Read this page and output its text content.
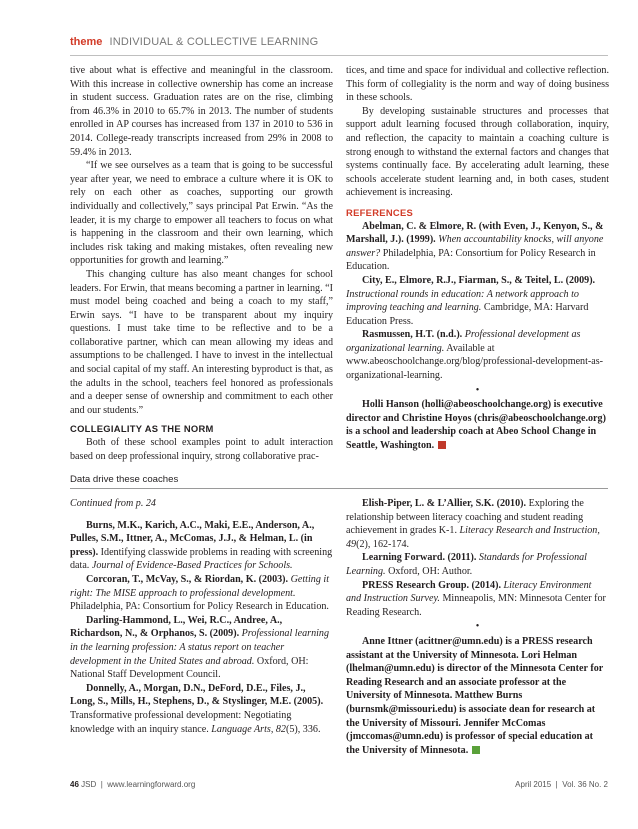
theme INDIVIDUAL & COLLECTIVE LEARNING

tive about what is effective and meaningful in the classroom. With this increase in collective ownership has come an increase in student success. Graduation rates are on the rise, climbing from 46.3% in 2010 to 65.7% in 2013. The number of students enrolled in AP courses has increased from 137 in 2010 to 536 in 2014. College-ready transcripts increased from 29% in 2008 to 59.4% in 2013.

“If we see ourselves as a team that is going to be successful year after year, we need to embrace a culture where it is OK to rely on each other as coaches, supporting our growth individually and collectively,” says principal Pat Erwin. “As the leader, it is my charge to empower all teachers to focus on what is happening in the classroom and their own learning, which includes risk taking and making mistakes, often revealing new opportunities for growth and learning.”

This changing culture has also meant changes for school leaders. For Erwin, that means becoming a partner in learning. “I must model being coached and being a coach to my staff,” Erwin says. “I have to be transparent about my inquiry questions. I must take time to be reflective and to be a collaborative partner, which can mean allowing my ideas and assumptions to be challenged. I have to invest in the intellectual and social capital of my staff. An interesting byproduct is that, as the adults in the school, teachers feel honored as professionals and a deeper sense of ownership and commitment to each other and our students.”

COLLEGIALITY AS THE NORM

Both of these school examples point to adult interaction based on deep professional inquiry, strong collaborative prac-

tices, and time and space for individual and collective reflection. This form of collegiality is the norm and way of doing business in these schools.

By developing sustainable structures and processes that support adult learning focused through collaboration, inquiry, and reflection, the capacity to maintain a coaching culture is strong enough to withstand the external factors and changes that systems continually face. By accelerating adult learning, these schools accelerate student learning and, in both cases, student achievement is increasing.

REFERENCES

Abelman, C. & Elmore, R. (with Even, J., Kenyon, S., & Marshall, J.). (1999). When accountability knocks, will anyone answer? Philadelphia, PA: Consortium for Policy Research in Education.

City, E., Elmore, R.J., Fiarman, S., & Teitel, L. (2009). Instructional rounds in education: A network approach to improving teaching and learning. Cambridge, MA: Harvard Education Press.

Rasmussen, H.T. (n.d.). Professional development as organizational learning. Available at www.abeoschoolchange.org/blog/professional-development-as-organizational-learning.

•

Holli Hanson (holli@abeoschoolchange.org) is executive director and Christine Hoyos (chris@abeoschoolchange.org) is a school and leadership coach at Abeo School Change in Seattle, Washington.

Data drive these coaches

Continued from p. 24

Burns, M.K., Karich, A.C., Maki, E.E., Anderson, A., Pulles, S.M., Ittner, A., McComas, J.J., & Helman, L. (in press). Identifying classwide problems in reading with screening data. Journal of Evidence-Based Practices for Schools.

Corcoran, T., McVay, S., & Riordan, K. (2003). Getting it right: The MISE approach to professional development. Philadelphia, PA: Consortium for Policy Research in Education.

Darling-Hammond, L., Wei, R.C., Andree, A., Richardson, N., & Orphanos, S. (2009). Professional learning in the learning profession: A status report on teacher development in the United States and abroad. Oxford, OH: National Staff Development Council.

Donnelly, A., Morgan, D.N., DeFord, D.E., Files, J., Long, S., Mills, H., Stephens, D., & Styslinger, M.E. (2005). Transformative professional development: Negotiating knowledge with an inquiry stance. Language Arts, 82(5), 336.

Elish-Piper, L. & L’Allier, S.K. (2010). Exploring the relationship between literacy coaching and student reading achievement in grades K-1. Literacy Research and Instruction, 49(2), 162-174.

Learning Forward. (2011). Standards for Professional Learning. Oxford, OH: Author.

PRESS Research Group. (2014). Literacy Environment and Instruction Survey. Minneapolis, MN: Minnesota Center for Reading Research.

•

Anne Ittner (acittner@umn.edu) is a PRESS research assistant at the University of Minnesota. Lori Helman (lhelman@umn.edu) is director of the Minnesota Center for Reading Research and an associate professor at the University of Minnesota. Matthew Burns (burnsmk@missouri.edu) is associate dean for research at the University of Missouri. Jennifer McComas (jmccomas@umn.edu) is professor of special education at the University of Minnesota.

46 JSD | www.learningforward.org	April 2015 | Vol. 36 No. 2
